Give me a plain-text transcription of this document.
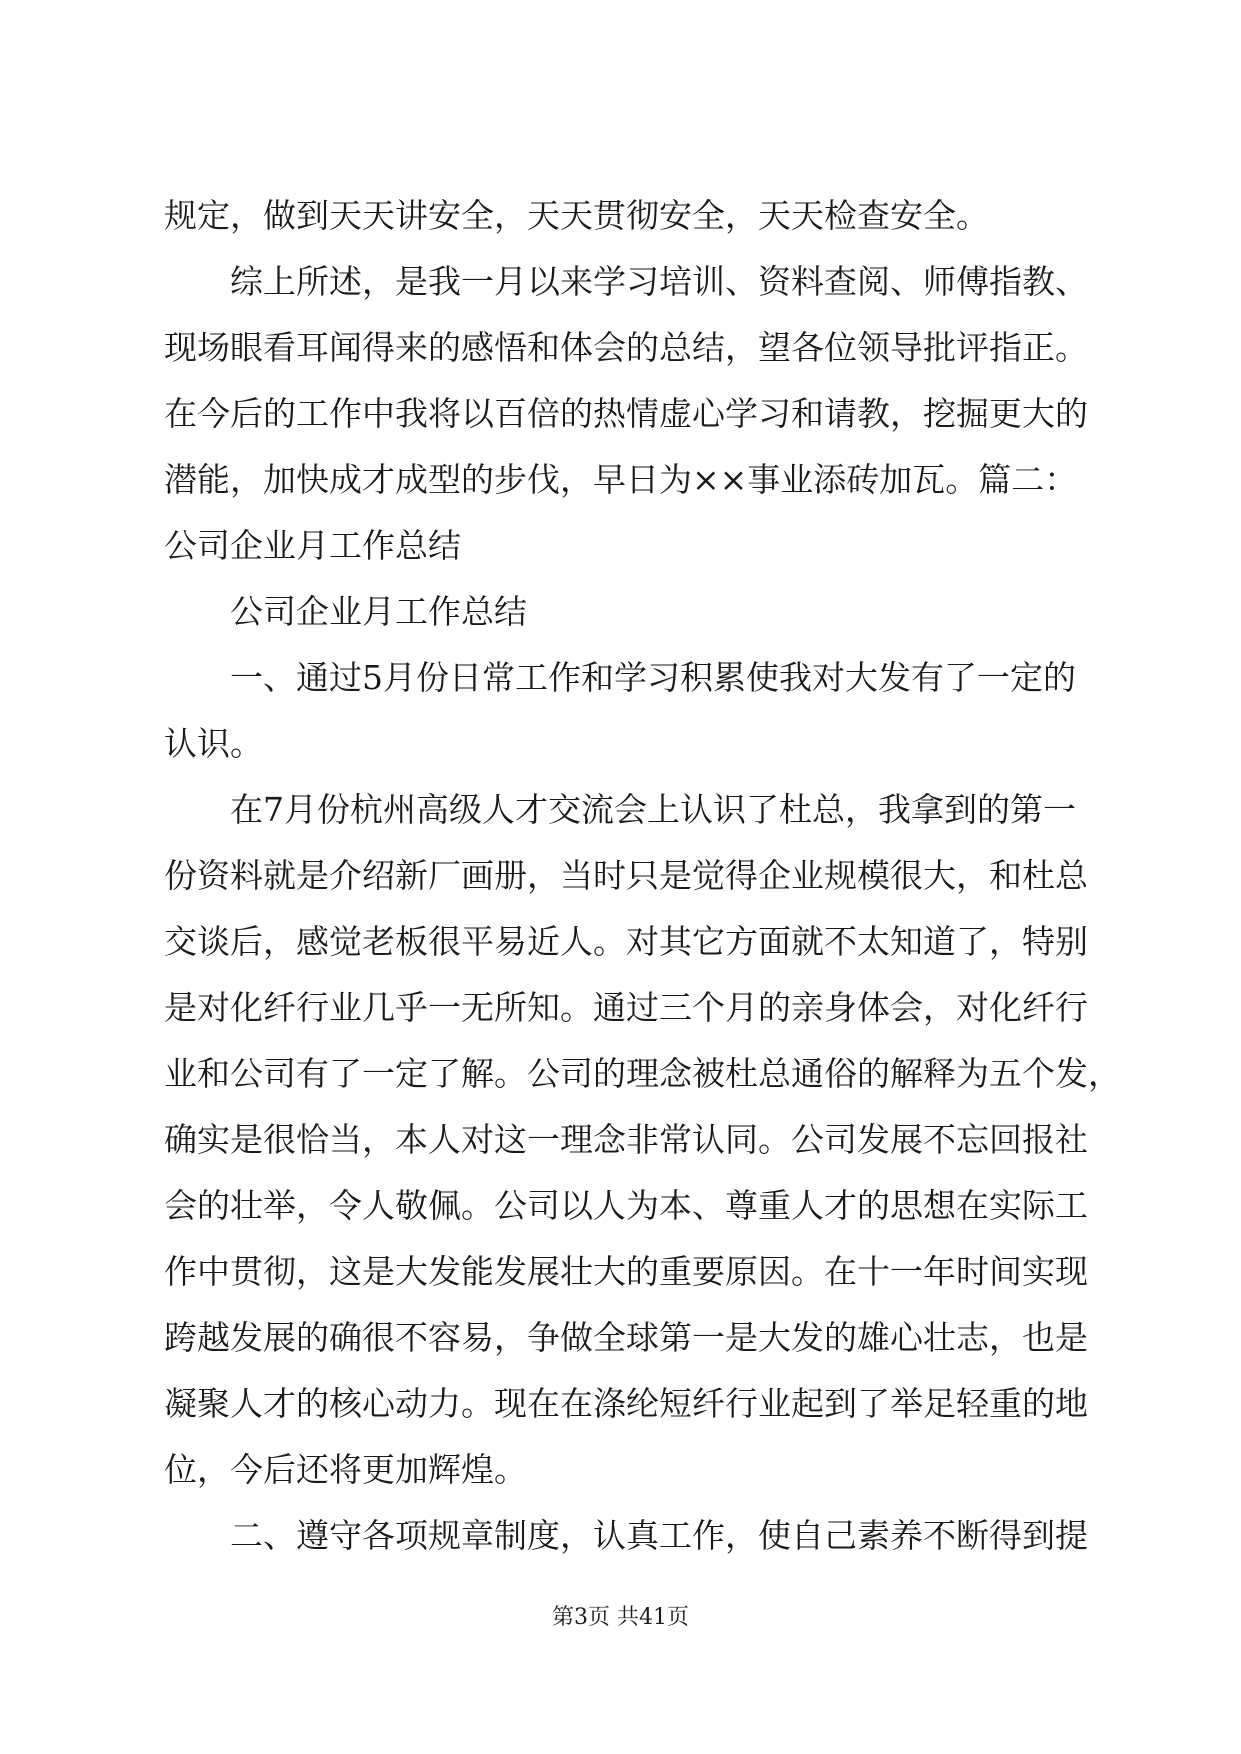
规定，做到天天讲安全，天天贯彻安全，天天检查安全。
综上所述，是我一月以来学习培训、资料查阅、师傅指教、
现场眼看耳闻得来的感悟和体会的总结，望各位领导批评指正。
在今后的工作中我将以百倍的热情虚心学习和请教，挖掘更大的
潜能，加快成才成型的步伐，早日为××事业添砖加瓦。篇二：
公司企业月工作总结
公司企业月工作总结
一、通过5月份日常工作和学习积累使我对大发有了一定的
认识。
在7月份杭州高级人才交流会上认识了杜总，我拿到的第一
份资料就是介绍新厂画册，当时只是觉得企业规模很大，和杜总
交谈后，感觉老板很平易近人。对其它方面就不太知道了，特别
是对化纤行业几乎一无所知。通过三个月的亲身体会，对化纤行
业和公司有了一定了解。公司的理念被杜总通俗的解释为五个发，
确实是很恰当，本人对这一理念非常认同。公司发展不忘回报社
会的壮举，令人敬佩。公司以人为本、尊重人才的思想在实际工
作中贯彻，这是大发能发展壮大的重要原因。在十一年时间实现
跨越发展的确很不容易，争做全球第一是大发的雄心壮志，也是
凝聚人才的核心动力。现在在涤纶短纤行业起到了举足轻重的地
位，今后还将更加辉煌。
二、遵守各项规章制度，认真工作，使自己素养不断得到提
第3页 共41页
